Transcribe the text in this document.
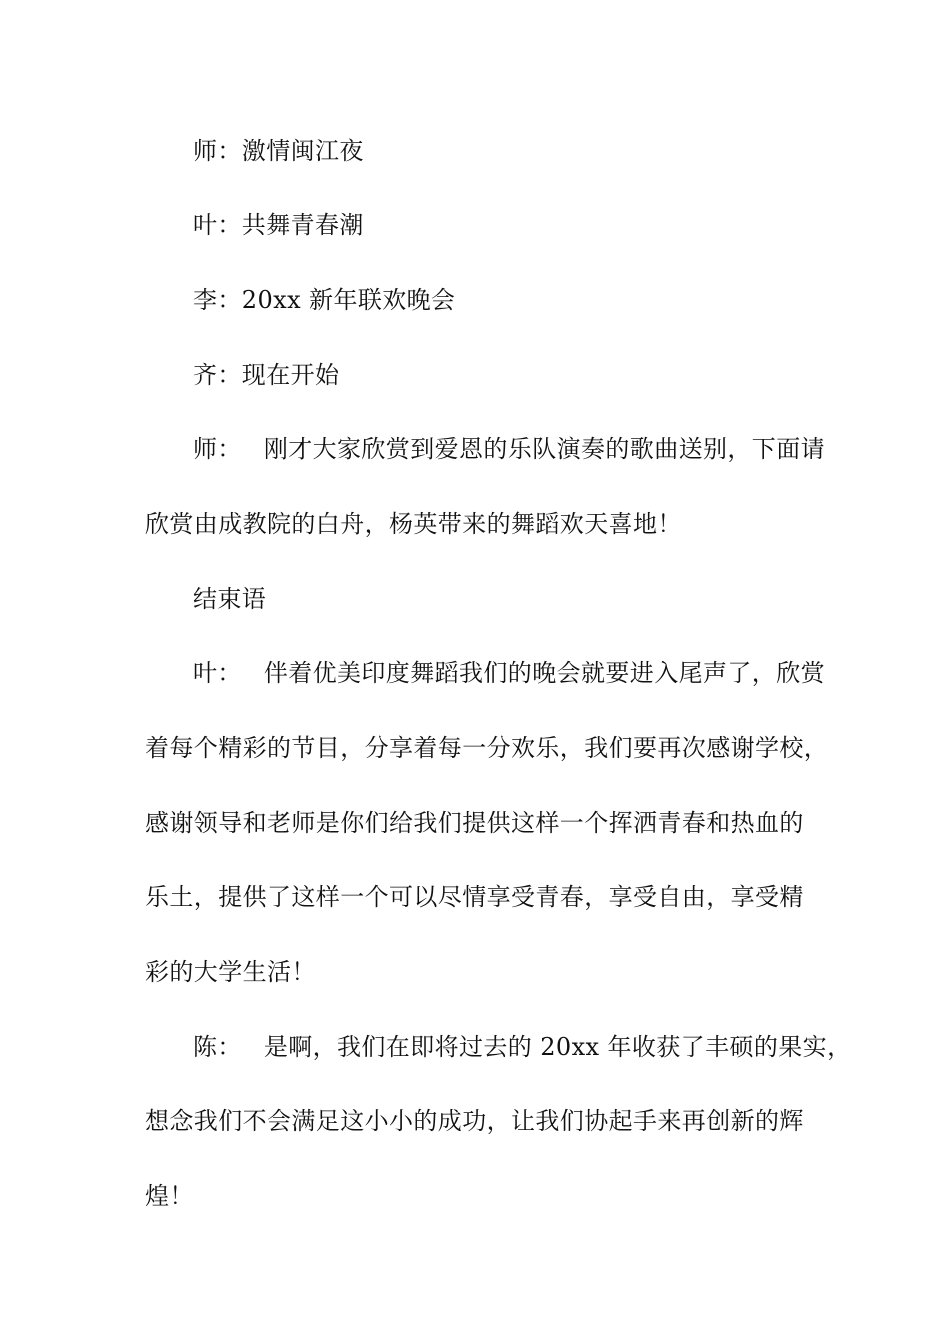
师：激情闽江夜
叶：共舞青春潮
李：20xx 新年联欢晚会
齐：现在开始
师： 刚才大家欣赏到爱恩的乐队演奏的歌曲送别，下面请
欣赏由成教院的白舟，杨英带来的舞蹈欢天喜地！
结束语
叶： 伴着优美印度舞蹈我们的晚会就要进入尾声了，欣赏
着每个精彩的节目，分享着每一分欢乐，我们要再次感谢学校，
感谢领导和老师是你们给我们提供这样一个挥洒青春和热血的
乐土，提供了这样一个可以尽情享受青春，享受自由，享受精
彩的大学生活！
陈： 是啊，我们在即将过去的 20xx 年收获了丰硕的果实，
想念我们不会满足这小小的成功，让我们协起手来再创新的辉
煌！
